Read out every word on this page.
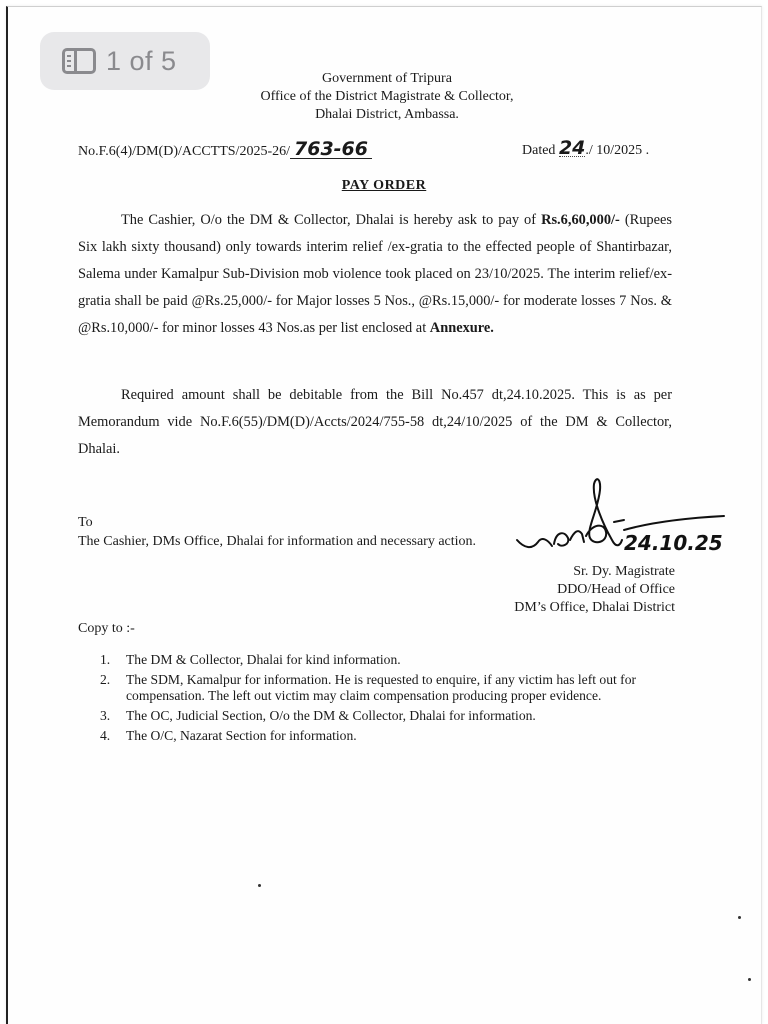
1 of 5
Government of Tripura
Office of the District Magistrate & Collector,
Dhalai District, Ambassa.
No.F.6(4)/DM(D)/ACCTTS/2025-26/ 763-66	Dated 24./ 10/2025 .
PAY ORDER

The Cashier, O/o the DM & Collector, Dhalai is hereby ask to pay of Rs.6,60,000/- (Rupees Six lakh sixty thousand) only towards interim relief /ex-gratia to the effected people of Shantirbazar, Salema under Kamalpur Sub-Division mob violence took placed on 23/10/2025. The interim relief/ex-gratia shall be paid @Rs.25,000/- for Major losses 5 Nos., @Rs.15,000/- for moderate losses 7 Nos. & @Rs.10,000/- for minor losses 43 Nos.as per list enclosed at Annexure.

Required amount shall be debitable from the Bill No.457 dt,24.10.2025. This is as per Memorandum vide No.F.6(55)/DM(D)/Accts/2024/755-58 dt,24/10/2025 of the DM & Collector, Dhalai.

To
The Cashier, DMs Office, Dhalai for information and necessary action.	24.10.25
Sr. Dy. Magistrate
DDO/Head of Office
DM’s Office, Dhalai District
Copy to :-
1. The DM & Collector, Dhalai for kind information.
2. The SDM, Kamalpur for information. He is requested to enquire, if any victim has left out for compensation. The left out victim may claim compensation producing proper evidence.
3. The OC, Judicial Section, O/o the DM & Collector, Dhalai for information.
4. The O/C, Nazarat Section for information.
